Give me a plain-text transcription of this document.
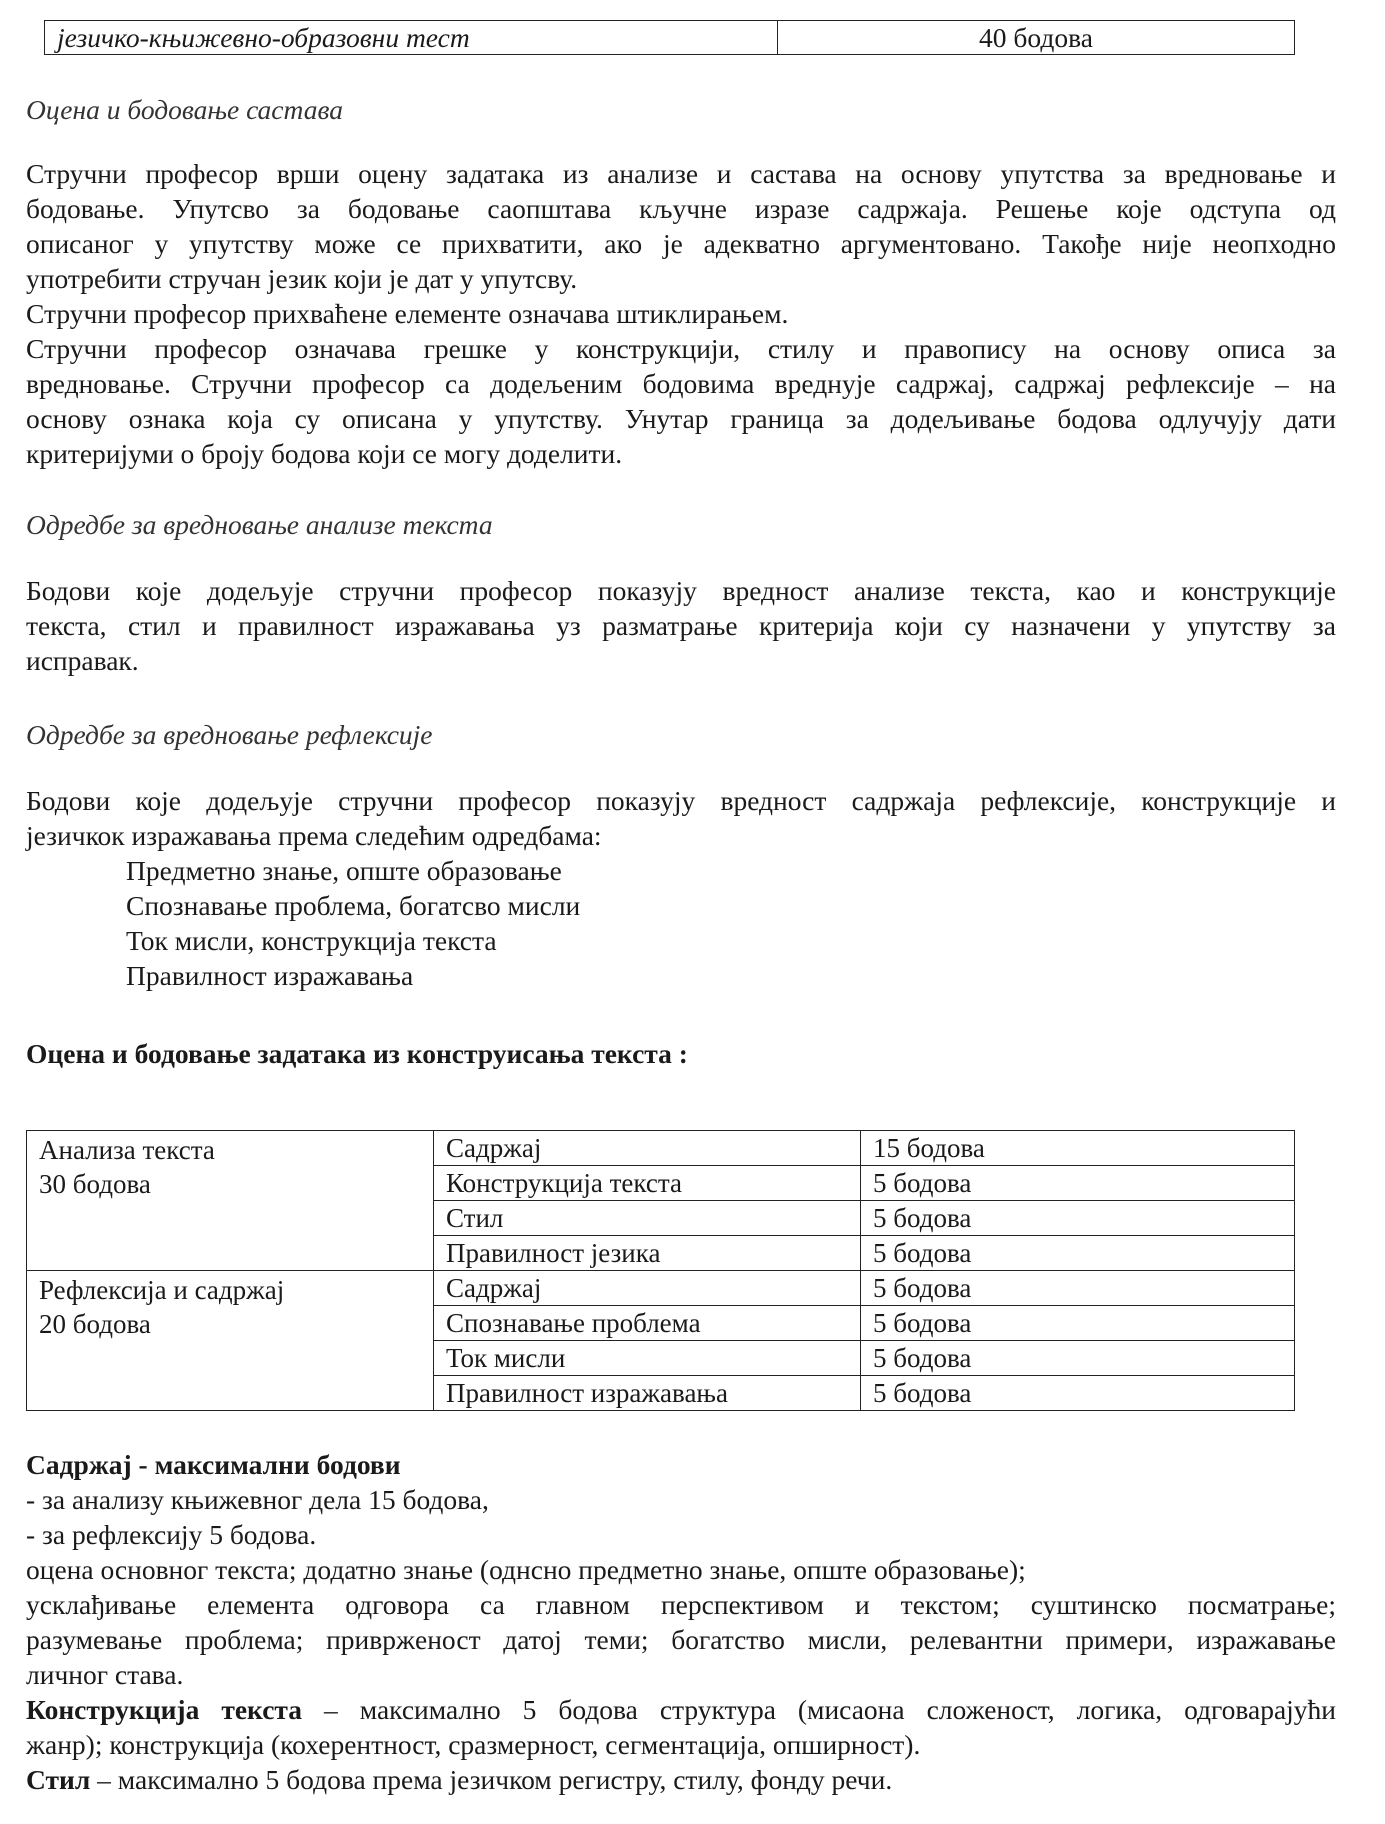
језичко-књижевно-образовни тест	40 бодова
Оцена и бодовање састава
Стручни професор врши оцену задатака из анализе и састава на основу упутства за вредновање и
бодовање. Упутсво за бодовање саопштава кључне изразе садржаја. Решење које одступа од
описаног у упутству може се прихватити, ако је адекватно аргументовано. Такође није неопходно
употребити стручан језик који је дат у упутсву.
Стручни професор прихваћене елементе означава штиклирањем.
Стручни професор означава грешке у конструкцији, стилу и правопису на основу описа за
вредновање. Стручни професор са додељеним бодовима вреднује садржај, садржај рефлексије – на
основу ознака која су описана у упутству. Унутар граница за додељивање бодова одлучују дати
критеријуми о броју бодова који се могу доделити.
Одредбе за вредновање анализе текста
Бодови које додељује стручни професор показују вредност анализе текста, као и конструкције
текста, стил и правилност изражавања уз разматрање критерија који су назначени у упутству за
исправак.
Одредбе за вредновање рефлексије
Бодови које додељује стручни професор показују вредност садржаја рефлексије, конструкције и
језичкок изражавања према следећим одредбама:
Предметно знање, опште образовање
Спознавање проблема, богатсво мисли
Ток мисли, конструкција текста
Правилност изражавања
Оцена и бодовање задатака из конструисања текста :
Анализа текста
30 бодова	Садржај	15 бодова
	Конструкција текста	5 бодова
	Стил	5 бодова
	Правилност језика	5 бодова

Рефлексија и садржај
20 бодова	Садржај	5 бодова
	Спознавање проблема	5 бодова
	Ток мисли	5 бодова
	Правилност изражавања	5 бодова
Садржај - максимални бодови
- за анализу књижевног дела 15 бодова,
- за рефлексију 5 бодова.
оцена основног текста; додатно знање (однсно предметно знање, опште образовање);
усклађивање елемента одговора са главном перспективом и текстом; суштинско посматрање;
разумевање проблема; привржeност датој теми; богатство мисли, релевантни примери, изражавање
личног става.
Конструкција текста – максимално 5 бодова структура (мисаона сложеност, логика, одговарајући
жанр); конструкција (кохерентност, сразмерност, сегментација, опширност).
Стил – максимално 5 бодова према језичком регистру, стилу, фонду речи.
